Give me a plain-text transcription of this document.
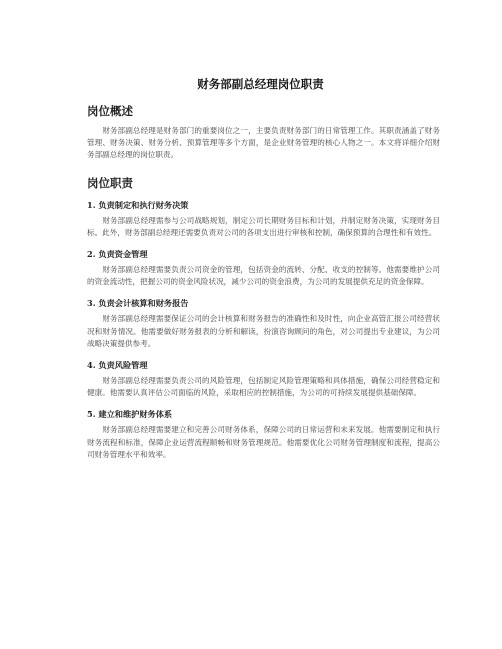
财务部副总经理岗位职责
岗位概述

财务部副总经理是财务部门的重要岗位之一，主要负责财务部门的日常管理工作。其职责涵盖了财务管理、财务决策、财务分析、预算管理等多个方面，是企业财务管理的核心人物之一。本文将详细介绍财务部副总经理的岗位职责。

岗位职责
1. 负责制定和执行财务决策

财务部副总经理需参与公司战略规划，制定公司长期财务目标和计划，并制定财务决策，实现财务目标。此外，财务部副总经理还需要负责对公司的各项支出进行审核和控制，确保预算的合理性和有效性。

2. 负责资金管理

财务部副总经理需要负责公司资金的管理，包括资金的流转、分配、收支的控制等。他需要维护公司的资金流动性，把握公司的资金风险状况，减少公司的资金浪费，为公司的发展提供充足的资金保障。

3. 负责会计核算和财务报告

财务部副总经理需要保证公司的会计核算和财务报告的准确性和及时性，向企业高管汇报公司经营状况和财务情况。他需要做好财务报表的分析和解读，扮演咨询顾问的角色，对公司提出专业建议，为公司战略决策提供参考。

4. 负责风险管理

财务部副总经理需要负责公司的风险管理，包括制定风险管理策略和具体措施，确保公司经营稳定和健康。他需要认真评估公司面临的风险，采取相应的控制措施，为公司的可持续发展提供基础保障。

5. 建立和维护财务体系

财务部副总经理需要建立和完善公司财务体系，保障公司的日常运营和未来发展。他需要制定和执行财务流程和标准，保障企业运营流程顺畅和财务管理规范。他需要优化公司财务管理制度和流程，提高公司财务管理水平和效率。
